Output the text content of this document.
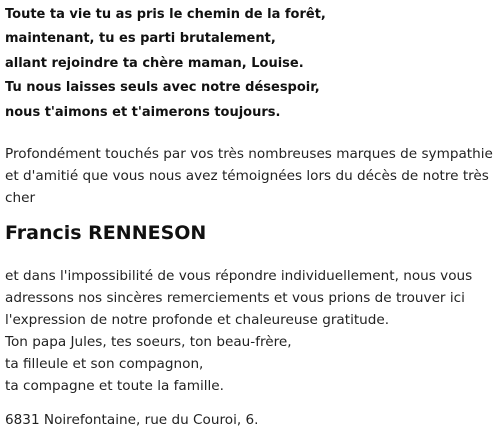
Toute ta vie tu as pris le chemin de la forêt,
maintenant, tu es parti brutalement,
allant rejoindre ta chère maman, Louise.
Tu nous laisses seuls avec notre désespoir,
nous t'aimons et t'aimerons toujours.
Profondément touchés par vos très nombreuses marques de sympathie
et d'amitié que vous nous avez témoignées lors du décès de notre très
cher
Francis RENNESON
et dans l'impossibilité de vous répondre individuellement, nous vous
adressons nos sincères remerciements et vous prions de trouver ici
l'expression de notre profonde et chaleureuse gratitude.
Ton papa Jules, tes soeurs, ton beau-frère,
ta filleule et son compagnon,
ta compagne et toute la famille.
6831 Noirefontaine, rue du Couroi, 6.
